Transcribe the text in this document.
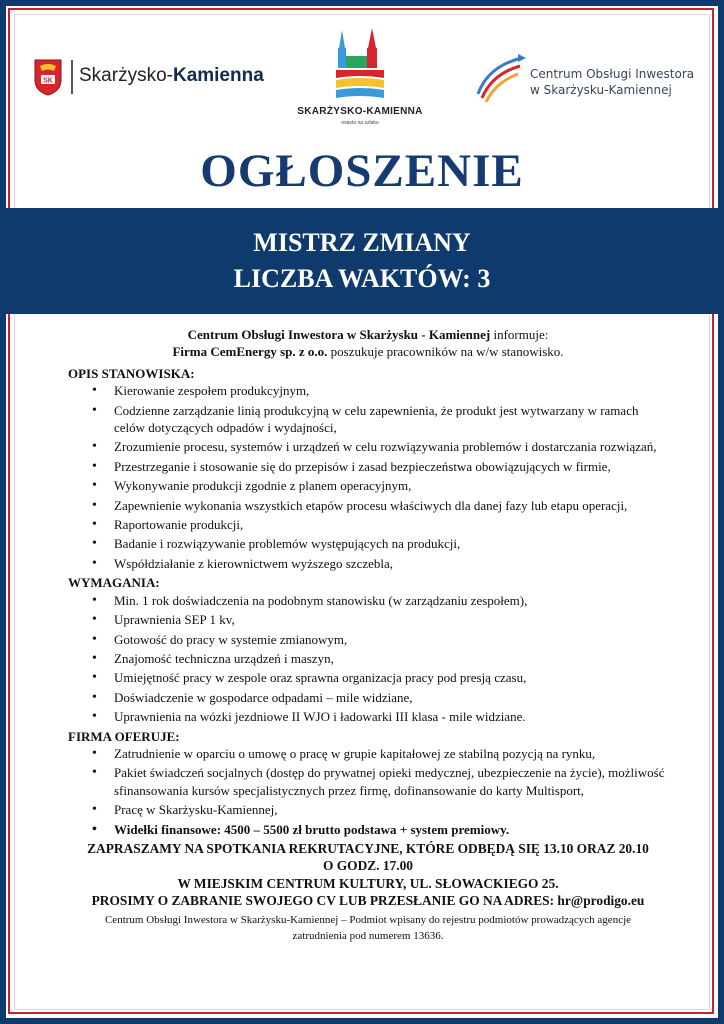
SK Skarżysko-Kamienna
SKARŻYSKO-KAMIENNA
miasto na szlaku
Centrum Obsługi Inwestora
w Skarżysku-Kamiennej
OGŁOSZENIE
MISTRZ ZMIANY
LICZBA WAKTÓW: 3
Centrum Obsługi Inwestora w Skarżysku - Kamiennej informuje:
Firma CemEnergy sp. z o.o. poszukuje pracowników na w/w stanowisko.
OPIS STANOWISKA:
• Kierowanie zespołem produkcyjnym,
• Codzienne zarządzanie linią produkcyjną w celu zapewnienia, że produkt jest wytwarzany w ramach celów dotyczących odpadów i wydajności,
• Zrozumienie procesu, systemów i urządzeń w celu rozwiązywania problemów i dostarczania rozwiązań,
• Przestrzeganie i stosowanie się do przepisów i zasad bezpieczeństwa obowiązujących w firmie,
• Wykonywanie produkcji zgodnie z planem operacyjnym,
• Zapewnienie wykonania wszystkich etapów procesu właściwych dla danej fazy lub etapu operacji,
• Raportowanie produkcji,
• Badanie i rozwiązywanie problemów występujących na produkcji,
• Współdziałanie z kierownictwem wyższego szczebla,
WYMAGANIA:
• Min. 1 rok doświadczenia na podobnym stanowisku (w zarządzaniu zespołem),
• Uprawnienia SEP 1 kv,
• Gotowość do pracy w systemie zmianowym,
• Znajomość techniczna urządzeń i maszyn,
• Umiejętność pracy w zespole oraz sprawna organizacja pracy pod presją czasu,
• Doświadczenie w gospodarce odpadami – mile widziane,
• Uprawnienia na wózki jezdniowe II WJO i ładowarki III klasa - mile widziane.
FIRMA OFERUJE:
• Zatrudnienie w oparciu o umowę o pracę w grupie kapitałowej ze stabilną pozycją na rynku,
• Pakiet świadczeń socjalnych (dostęp do prywatnej opieki medycznej, ubezpieczenie na życie), możliwość sfinansowania kursów specjalistycznych przez firmę, dofinansowanie do karty Multisport,
• Pracę w Skarżysku-Kamiennej,
• Widełki finansowe: 4500 – 5500 zł brutto podstawa + system premiowy.
ZAPRASZAMY NA SPOTKANIA REKRUTACYJNE, KTÓRE ODBĘDĄ SIĘ 13.10 ORAZ 20.10
O GODZ. 17.00
W MIEJSKIM CENTRUM KULTURY, UL. SŁOWACKIEGO 25.
PROSIMY O ZABRANIE SWOJEGO CV LUB PRZESŁANIE GO NA ADRES: hr@prodigo.eu
Centrum Obsługi Inwestora w Skarżysku-Kamiennej – Podmiot wpisany do rejestru podmiotów prowadzących agencje
zatrudnienia pod numerem 13636.
